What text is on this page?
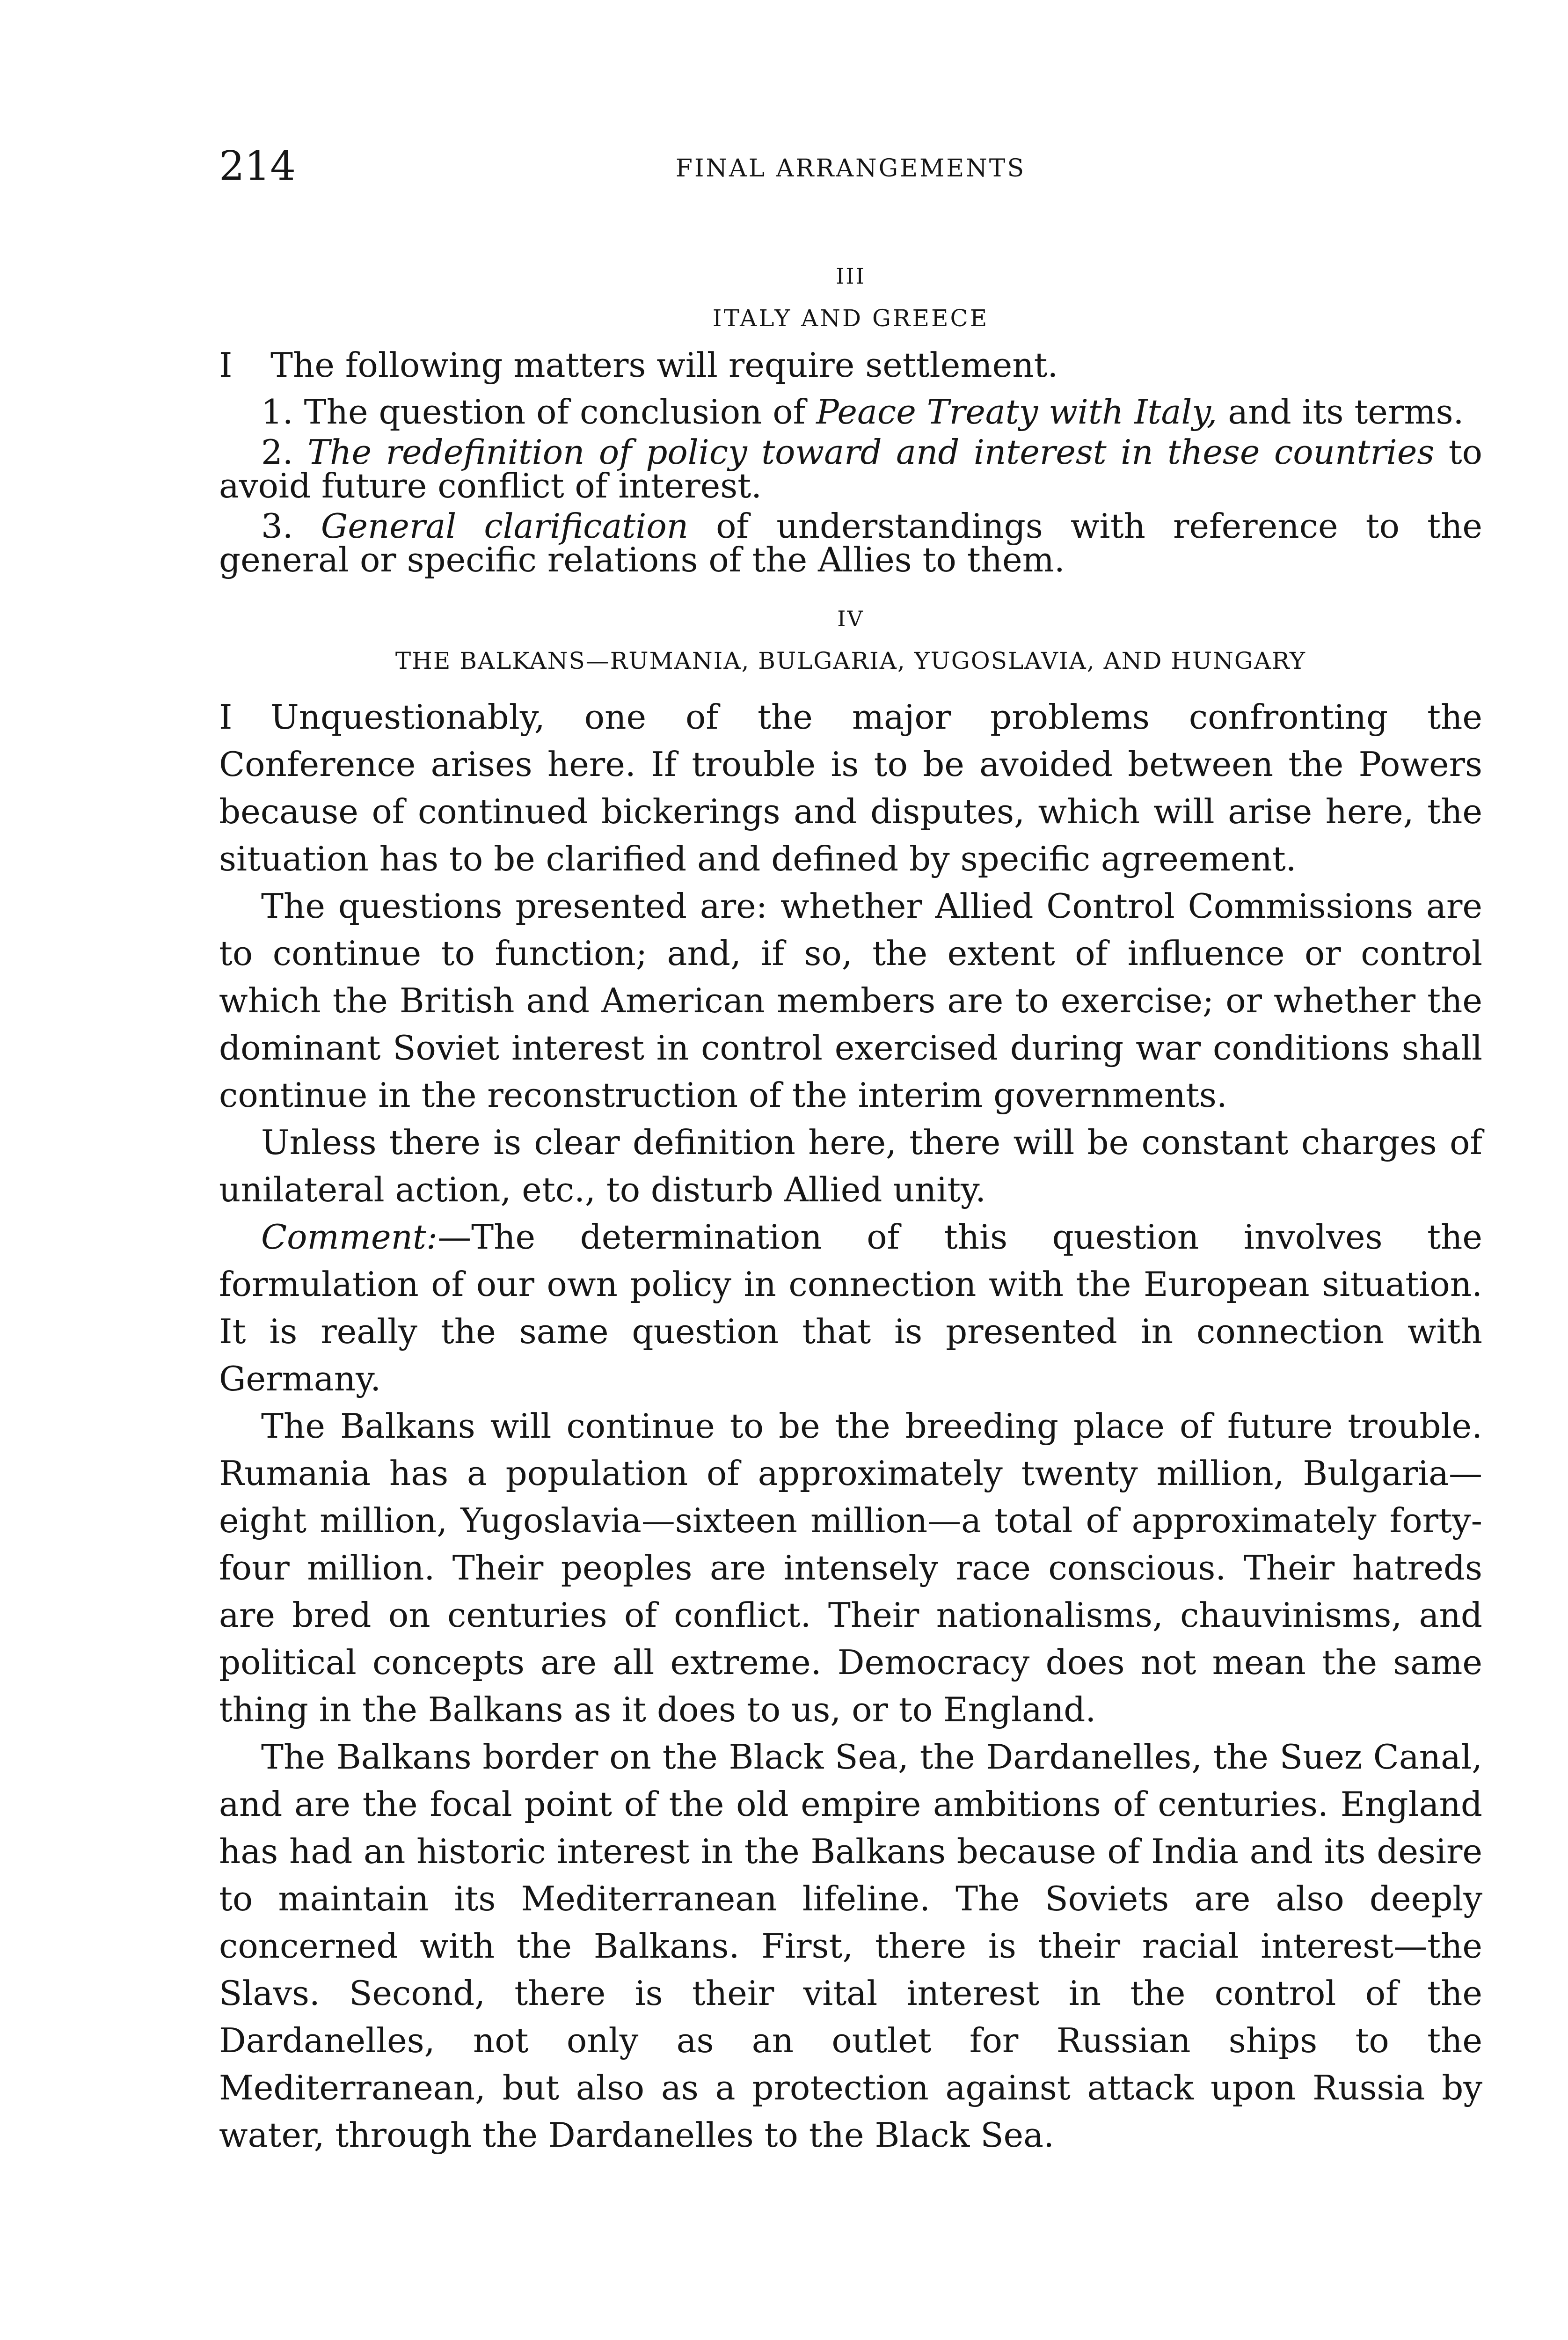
214	FINAL ARRANGEMENTS
III
ITALY AND GREECE

I The following matters will require settlement.

1. The question of conclusion of Peace Treaty with Italy, and its terms.

2. The redefinition of policy toward and interest in these countries to avoid future conflict of interest.

3. General clarification of understandings with reference to the general or specific relations of the Allies to them.

IV
THE BALKANS—RUMANIA, BULGARIA, YUGOSLAVIA, AND HUNGARY

I Unquestionably, one of the major problems confronting the Conference arises here. If trouble is to be avoided between the Powers because of continued bickerings and disputes, which will arise here, the situation has to be clarified and defined by specific agreement.

The questions presented are: whether Allied Control Commissions are to continue to function; and, if so, the extent of influence or control which the British and American members are to exercise; or whether the dominant Soviet interest in control exercised during war conditions shall continue in the reconstruction of the interim governments.

Unless there is clear definition here, there will be constant charges of unilateral action, etc., to disturb Allied unity.

Comment:—The determination of this question involves the formulation of our own policy in connection with the European situation. It is really the same question that is presented in connection with Germany.

The Balkans will continue to be the breeding place of future trouble. Rumania has a population of approximately twenty million, Bulgaria—eight million, Yugoslavia—sixteen million—a total of approximately forty-four million. Their peoples are intensely race conscious. Their hatreds are bred on centuries of conflict. Their nationalisms, chauvinisms, and political concepts are all extreme. Democracy does not mean the same thing in the Balkans as it does to us, or to England.

The Balkans border on the Black Sea, the Dardanelles, the Suez Canal, and are the focal point of the old empire ambitions of centuries. England has had an historic interest in the Balkans because of India and its desire to maintain its Mediterranean lifeline. The Soviets are also deeply concerned with the Balkans. First, there is their racial interest—the Slavs. Second, there is their vital interest in the control of the Dardanelles, not only as an outlet for Russian ships to the Mediterranean, but also as a protection against attack upon Russia by water, through the Dardanelles to the Black Sea.
